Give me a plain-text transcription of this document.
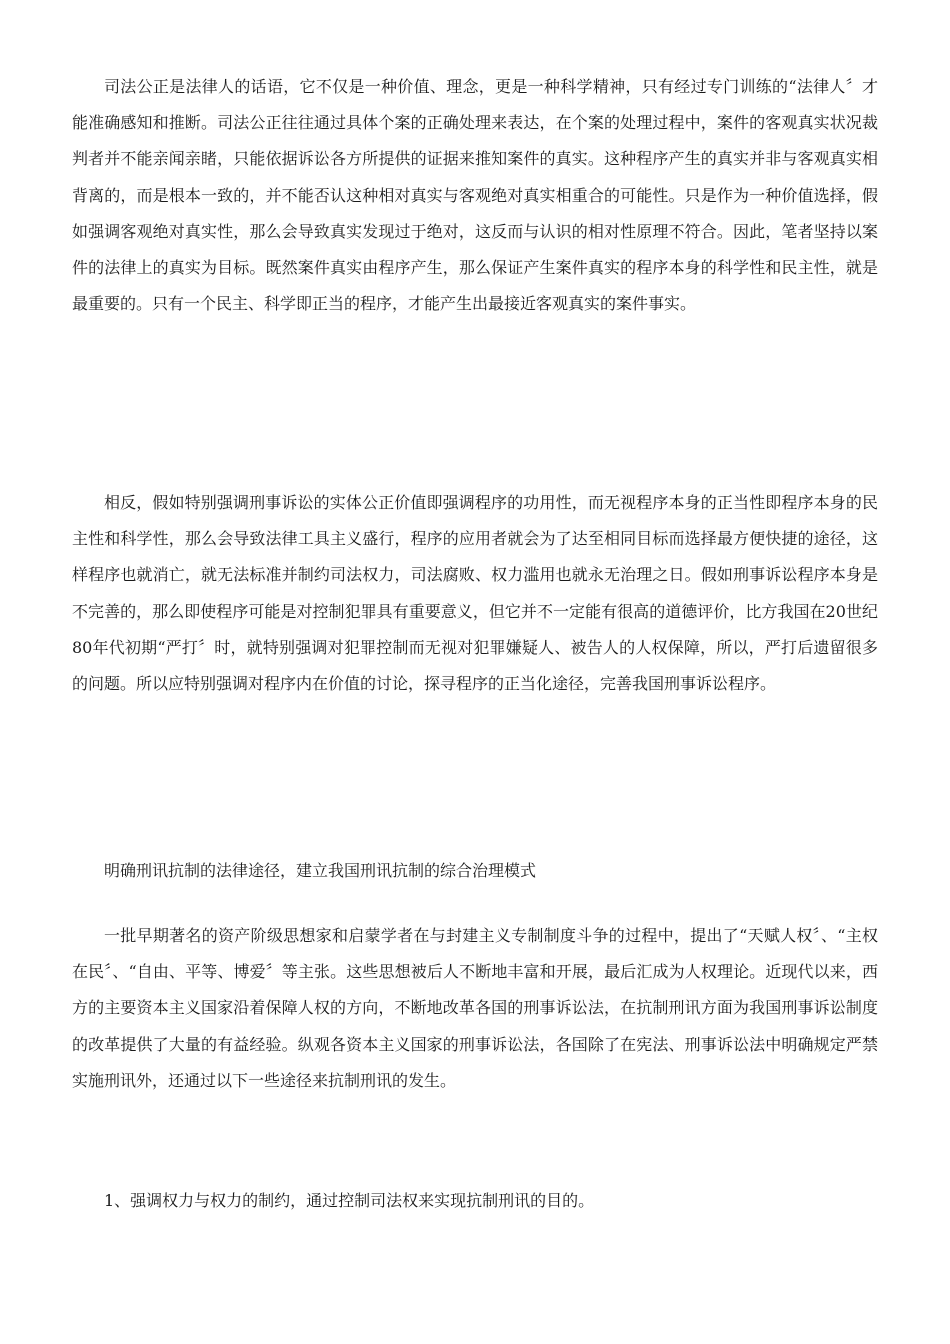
司法公正是法律人的话语，它不仅是一种价值、理念，更是一种科学精神，只有经过专门训练的“法律人〞才能准确感知和推断。司法公正往往通过具体个案的正确处理来表达，在个案的处理过程中，案件的客观真实状况裁判者并不能亲闻亲睹，只能依据诉讼各方所提供的证据来推知案件的真实。这种程序产生的真实并非与客观真实相背离的，而是根本一致的，并不能否认这种相对真实与客观绝对真实相重合的可能性。只是作为一种价值选择，假如强调客观绝对真实性，那么会导致真实发现过于绝对，这反而与认识的相对性原理不符合。因此，笔者坚持以案件的法律上的真实为目标。既然案件真实由程序产生，那么保证产生案件真实的程序本身的科学性和民主性，就是最重要的。只有一个民主、科学即正当的程序，才能产生出最接近客观真实的案件事实。

相反，假如特别强调刑事诉讼的实体公正价值即强调程序的功用性，而无视程序本身的正当性即程序本身的民主性和科学性，那么会导致法律工具主义盛行，程序的应用者就会为了达至相同目标而选择最方便快捷的途径，这样程序也就消亡，就无法标准并制约司法权力，司法腐败、权力滥用也就永无治理之日。假如刑事诉讼程序本身是不完善的，那么即使程序可能是对控制犯罪具有重要意义，但它并不一定能有很高的道德评价，比方我国在20世纪80年代初期“严打〞时，就特别强调对犯罪控制而无视对犯罪嫌疑人、被告人的人权保障，所以，严打后遗留很多的问题。所以应特别强调对程序内在价值的讨论，探寻程序的正当化途径，完善我国刑事诉讼程序。

明确刑讯抗制的法律途径，建立我国刑讯抗制的综合治理模式

一批早期著名的资产阶级思想家和启蒙学者在与封建主义专制制度斗争的过程中，提出了“天赋人权〞、“主权在民〞、“自由、平等、博爱〞等主张。这些思想被后人不断地丰富和开展，最后汇成为人权理论。近现代以来，西方的主要资本主义国家沿着保障人权的方向，不断地改革各国的刑事诉讼法，在抗制刑讯方面为我国刑事诉讼制度的改革提供了大量的有益经验。纵观各资本主义国家的刑事诉讼法，各国除了在宪法、刑事诉讼法中明确规定严禁实施刑讯外，还通过以下一些途径来抗制刑讯的发生。

1、强调权力与权力的制约，通过控制司法权来实现抗制刑讯的目的。
